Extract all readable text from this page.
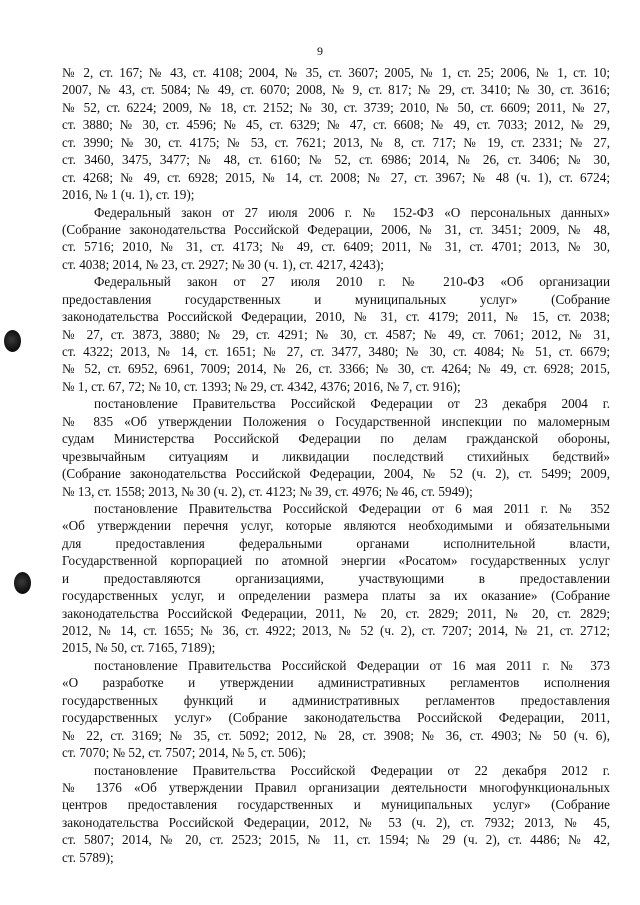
9
№ 2, ст. 167; № 43, ст. 4108; 2004, № 35, ст. 3607; 2005, № 1, ст. 25; 2006, № 1, ст. 10;
2007, № 43, ст. 5084; № 49, ст. 6070; 2008, № 9, ст. 817; № 29, ст. 3410; № 30, ст. 3616;
№ 52, ст. 6224; 2009, № 18, ст. 2152; № 30, ст. 3739; 2010, № 50, ст. 6609; 2011, № 27,
ст. 3880; № 30, ст. 4596; № 45, ст. 6329; № 47, ст. 6608; № 49, ст. 7033; 2012, № 29,
ст. 3990; № 30, ст. 4175; № 53, ст. 7621; 2013, № 8, ст. 717; № 19, ст. 2331; № 27,
ст. 3460, 3475, 3477; № 48, ст. 6160; № 52, ст. 6986; 2014, № 26, ст. 3406; № 30,
ст. 4268; № 49, ст. 6928; 2015, № 14, ст. 2008; № 27, ст. 3967; № 48 (ч. 1), ст. 6724;
2016, № 1 (ч. 1), ст. 19);
Федеральный закон от 27 июля 2006 г. № 152-ФЗ «О персональных данных»
(Собрание законодательства Российской Федерации, 2006, № 31, ст. 3451; 2009, № 48,
ст. 5716; 2010, № 31, ст. 4173; № 49, ст. 6409; 2011, № 31, ст. 4701; 2013, № 30,
ст. 4038; 2014, № 23, ст. 2927; № 30 (ч. 1), ст. 4217, 4243);
Федеральный закон от 27 июля 2010 г. № 210-ФЗ «Об организации
предоставления государственных и муниципальных услуг» (Собрание
законодательства Российской Федерации, 2010, № 31, ст. 4179; 2011, № 15, ст. 2038;
№ 27, ст. 3873, 3880; № 29, ст. 4291; № 30, ст. 4587; № 49, ст. 7061; 2012, № 31,
ст. 4322; 2013, № 14, ст. 1651; № 27, ст. 3477, 3480; № 30, ст. 4084; № 51, ст. 6679;
№ 52, ст. 6952, 6961, 7009; 2014, № 26, ст. 3366; № 30, ст. 4264; № 49, ст. 6928; 2015,
№ 1, ст. 67, 72; № 10, ст. 1393; № 29, ст. 4342, 4376; 2016, № 7, ст. 916);
постановление Правительства Российской Федерации от 23 декабря 2004 г.
№ 835 «Об утверждении Положения о Государственной инспекции по маломерным
судам Министерства Российской Федерации по делам гражданской обороны,
чрезвычайным ситуациям и ликвидации последствий стихийных бедствий»
(Собрание законодательства Российской Федерации, 2004, № 52 (ч. 2), ст. 5499; 2009,
№ 13, ст. 1558; 2013, № 30 (ч. 2), ст. 4123; № 39, ст. 4976; № 46, ст. 5949);
постановление Правительства Российской Федерации от 6 мая 2011 г. № 352
«Об утверждении перечня услуг, которые являются необходимыми и обязательными
для предоставления федеральными органами исполнительной власти,
Государственной корпорацией по атомной энергии «Росатом» государственных услуг
и предоставляются организациями, участвующими в предоставлении
государственных услуг, и определении размера платы за их оказание» (Собрание
законодательства Российской Федерации, 2011, № 20, ст. 2829; 2011, № 20, ст. 2829;
2012, № 14, ст. 1655; № 36, ст. 4922; 2013, № 52 (ч. 2), ст. 7207; 2014, № 21, ст. 2712;
2015, № 50, ст. 7165, 7189);
постановление Правительства Российской Федерации от 16 мая 2011 г. № 373
«О разработке и утверждении административных регламентов исполнения
государственных функций и административных регламентов предоставления
государственных услуг» (Собрание законодательства Российской Федерации, 2011,
№ 22, ст. 3169; № 35, ст. 5092; 2012, № 28, ст. 3908; № 36, ст. 4903; № 50 (ч. 6),
ст. 7070; № 52, ст. 7507; 2014, № 5, ст. 506);
постановление Правительства Российской Федерации от 22 декабря 2012 г.
№ 1376 «Об утверждении Правил организации деятельности многофункциональных
центров предоставления государственных и муниципальных услуг» (Собрание
законодательства Российской Федерации, 2012, № 53 (ч. 2), ст. 7932; 2013, № 45,
ст. 5807; 2014, № 20, ст. 2523; 2015, № 11, ст. 1594; № 29 (ч. 2), ст. 4486; № 42,
ст. 5789);
